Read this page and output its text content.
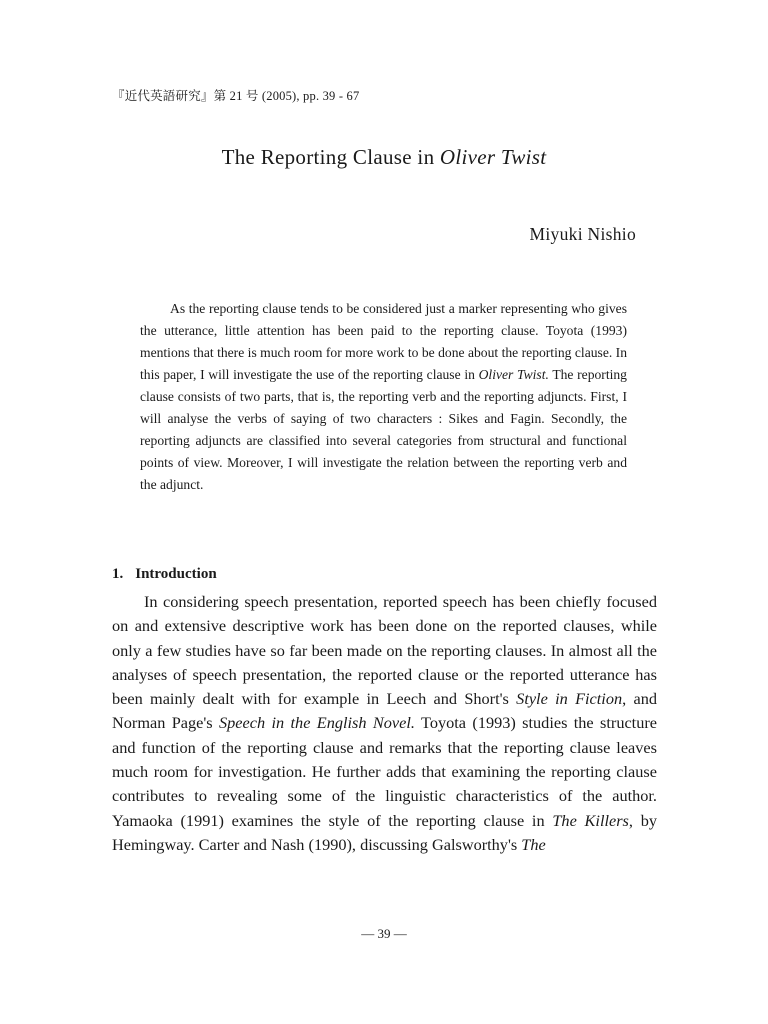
『近代英語研究』第 21 号 (2005), pp. 39 - 67
The Reporting Clause in Oliver Twist
Miyuki Nishio

As the reporting clause tends to be considered just a marker representing who gives the utterance, little attention has been paid to the reporting clause. Toyota (1993) mentions that there is much room for more work to be done about the reporting clause. In this paper, I will investigate the use of the reporting clause in Oliver Twist. The reporting clause consists of two parts, that is, the reporting verb and the reporting adjuncts. First, I will analyse the verbs of saying of two characters : Sikes and Fagin. Secondly, the reporting adjuncts are classified into several categories from structural and functional points of view. Moreover, I will investigate the relation between the reporting verb and the adjunct.

1. Introduction

In considering speech presentation, reported speech has been chiefly focused on and extensive descriptive work has been done on the reported clauses, while only a few studies have so far been made on the reporting clauses. In almost all the analyses of speech presentation, the reported clause or the reported utterance has been mainly dealt with for example in Leech and Short's Style in Fiction, and Norman Page's Speech in the English Novel. Toyota (1993) studies the structure and function of the reporting clause and remarks that the reporting clause leaves much room for investigation. He further adds that examining the reporting clause contributes to revealing some of the linguistic characteristics of the author. Yamaoka (1991) examines the style of the reporting clause in The Killers, by Hemingway. Carter and Nash (1990), discussing Galsworthy's The

— 39 —
